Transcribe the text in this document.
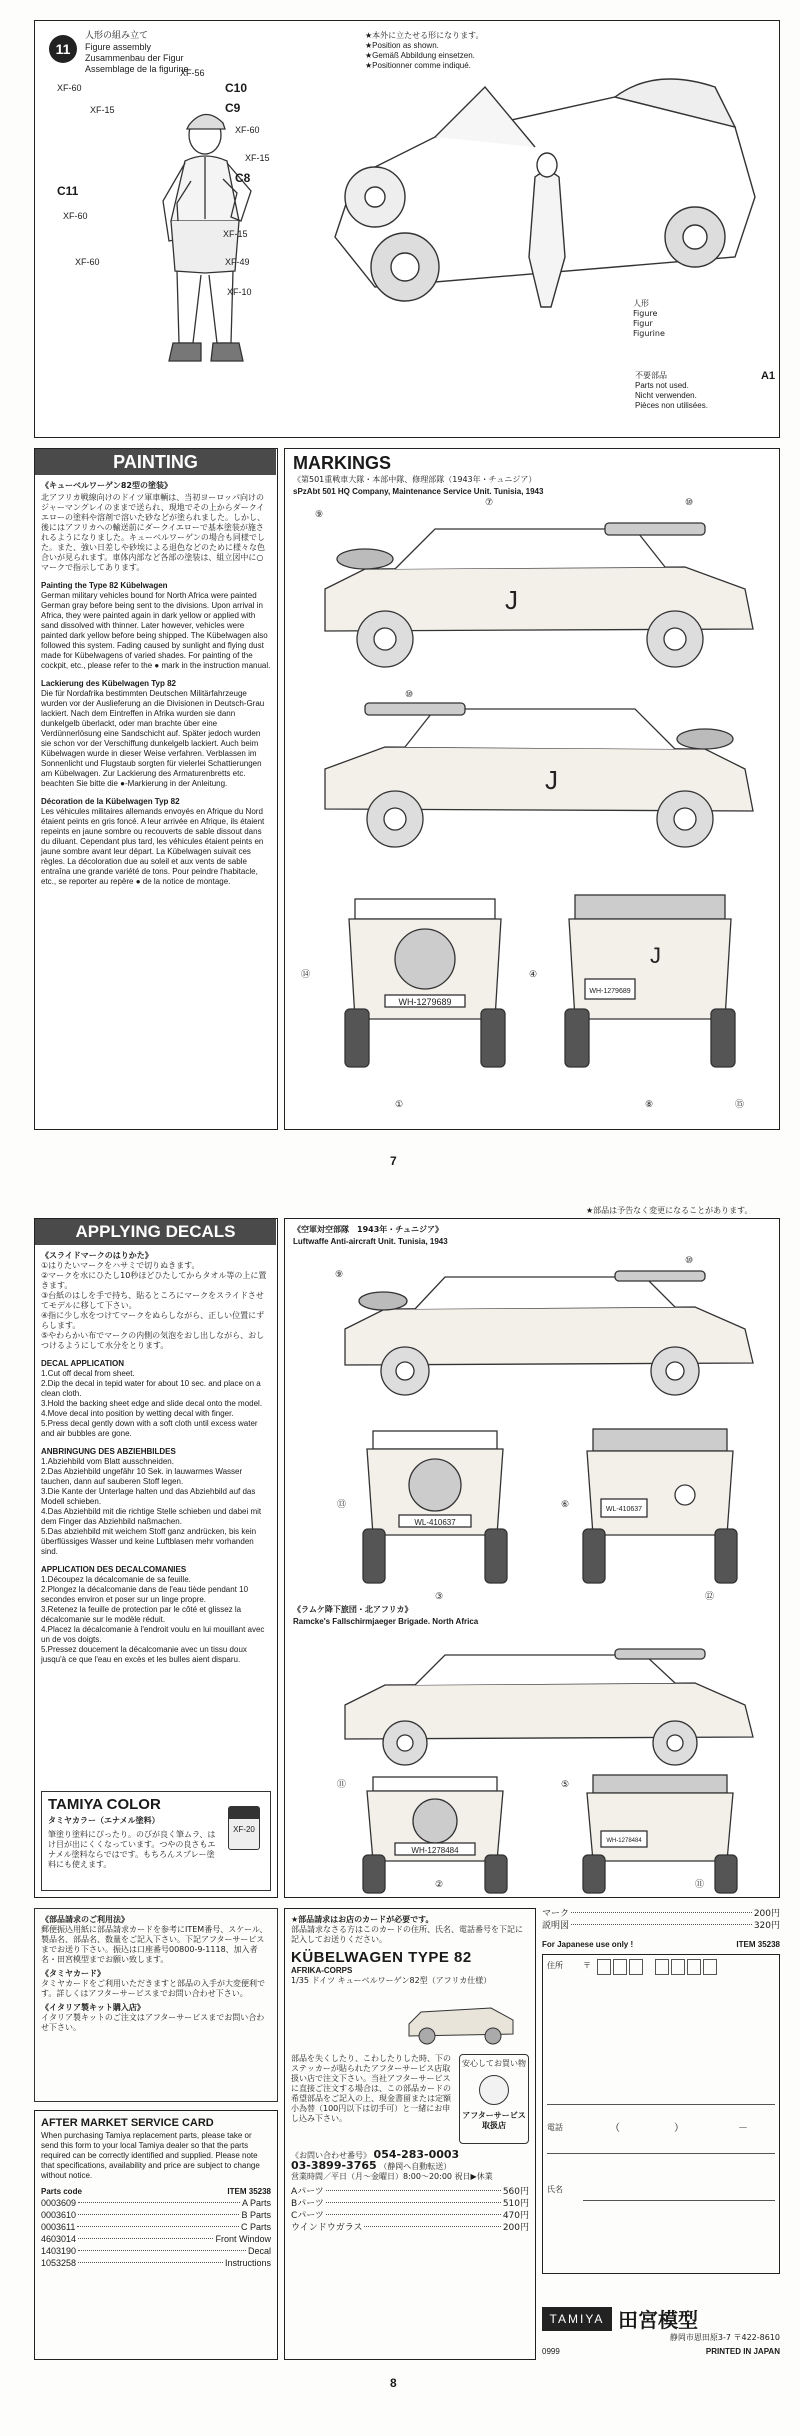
11
人形の組み立て
Figure assembly
Zusammenbau der Figur
Assemblage de la figurine
★本外に立たせる形になります。
★Position as shown.
★Gemäß Abbildung einsetzen.
★Positionner comme indiqué.
XF-56
C10
XF-15	C9
XF-60
XF-60
XF-15
C8
C11
XF-60
XF-15
XF-60	XF-49
XF-10
人形
Figure
Figur
Figurine
不要部品	A1
Parts not used.
Nicht verwenden.
Pièces non utilisées.
PAINTING
《キューベルワーゲン82型の塗装》
北アフリカ戦線向けのドイツ軍車輌は、当初ヨーロッパ向けのジャーマングレイのままで送られ、現地でその上からダークイエローの塗料や溶剤で溶いた砂などが塗られました。しかし、後にはアフリカへの輸送前にダークイエローで基本塗装が施されるようになりました。キューベルワーゲンの場合も同様でした。また、強い日差しや砂埃による退色などのために様々な色合いが見られます。車体内部など各部の塗装は、組立図中に○マークで指示してあります。
Painting the Type 82 Kübelwagen
German military vehicles bound for North Africa were painted German gray before being sent to the divisions. Upon arrival in Africa, they were painted again in dark yellow or applied with sand dissolved with thinner. Later however, vehicles were painted dark yellow before being shipped. The Kübelwagen also followed this system. Fading caused by sunlight and flying dust made for Kübelwagens of varied shades. For painting of the cockpit, etc., please refer to the ● mark in the instruction manual.
Lackierung des Kübelwagen Typ 82
Die für Nordafrika bestimmten Deutschen Militärfahrzeuge wurden vor der Auslieferung an die Divisionen in Deutsch-Grau lackiert. Nach dem Eintreffen in Afrika wurden sie dann dunkelgelb überlackt, oder man brachte über eine Verdünnerlösung eine Sandschicht auf. Später jedoch wurden sie schon vor der Verschiffung dunkelgelb lackiert. Auch beim Kübelwagen wurde in dieser Weise verfahren. Verblassen im Sonnenlicht und Flugstaub sorgten für vielerlei Schattierungen am Kübelwagen. Zur Lackierung des Armaturenbretts etc. beachten Sie bitte die ●-Markierung in der Anleitung.
Décoration de la Kübelwagen Typ 82
Les véhicules militaires allemands envoyés en Afrique du Nord étaient peints en gris foncé. A leur arrivée en Afrique, ils étaient repeints en jaune sombre ou recouverts de sable dissout dans du diluant. Cependant plus tard, les véhicules étaient peints en jaune sombre avant leur départ. La Kübelwagen suivait ces règles. La décoloration due au soleil et aux vents de sable entraîna une grande variété de tons. Pour peindre l'habitacle, etc., se reporter au repère ● de la notice de montage.
MARKINGS
《第501重戦車大隊・本部中隊、修理部隊（1943年・チュニジア）
sPzAbt 501 HQ Company, Maintenance Service Unit. Tunisia, 1943
J
J
WH-1279689
J
WH-1279689
⑨
⑦	⑩
⑩
④
⑭
①	⑧	⑮
7
APPLYING DECALS
《スライドマークのはりかた》
①はりたいマークをハサミで切りぬきます。
②マークを水にひたし10秒ほどひたしてからタオル等の上に置きます。
③台紙のはしを手で持ち、貼るところにマークをスライドさせてモデルに移して下さい。
④指に少し水をつけてマークをぬらしながら、正しい位置にずらします。
⑤やわらかい布でマークの内側の気泡をおし出しながら、おしつけるようにして水分をとります。
DECAL APPLICATION
1.Cut off decal from sheet.
2.Dip the decal in tepid water for about 10 sec. and place on a clean cloth.
3.Hold the backing sheet edge and slide decal onto the model.
4.Move decal into position by wetting decal with finger.
5.Press decal gently down with a soft cloth until excess water and air bubbles are gone.
ANBRINGUNG DES ABZIEHBILDES
1.Abziehbild vom Blatt ausschneiden.
2.Das Abziehbild ungefähr 10 Sek. in lauwarmes Wasser tauchen, dann auf sauberen Stoff legen.
3.Die Kante der Unterlage halten und das Abziehbild auf das Modell schieben.
4.Das Abziehbild mit die richtige Stelle schieben und dabei mit dem Finger das Abziehbild naßmachen.
5.Das abziehbild mit weichem Stoff ganz andrücken, bis kein überflüssiges Wasser und keine Luftblasen mehr vorhanden sind.
APPLICATION DES DECALCOMANIES
1.Découpez la décalcomanie de sa feuille.
2.Plongez la décalcomanie dans de l'eau tiède pendant 10 secondes environ et poser sur un linge propre.
3.Retenez la feuille de protection par le côté et glissez la décalcomanie sur le modèle réduit.
4.Placez la décalcomanie à l'endroit voulu en lui mouillant avec un de vos doigts.
5.Pressez doucement la décalcomanie avec un tissu doux jusqu'à ce que l'eau en excès et les bulles aient disparu.
TAMIYA COLOR
タミヤカラー（エナメル塗料）
筆塗り塗料にぴったり。のびが良く筆ムラ、はけ目が出にくくなっています。つやの良さもエナメル塗料ならではです。もちろんスプレー塗料にも使えます。
XF-20
《空軍対空部隊　1943年・チュニジア》
Luftwaffe Anti-aircraft Unit. Tunisia, 1943
WL-410637
WL-410637
《ラムケ降下旅団・北アフリカ》
Ramcke's Fallschirmjaeger Brigade. North Africa
WH-1278484
WH-1278484
⑨
⑩
⑬
③
⑥
⑫
⑪
②
⑤
⑪
《部品請求のご利用法》
郵便振込用紙に部品請求カードを参考にITEM番号、スケール、製品名、部品名、数量をご記入下さい。下記アフターサービスまでお送り下さい。振込は口座番号00800-9-1118、加入者名・田宮模型までお願い致します。
《タミヤカード》
タミヤカードをご利用いただきますと部品の入手が大変便利です。詳しくはアフターサービスまでお問い合わせ下さい。
《イタリア製キット購入店》
イタリア製キットのご注文はアフターサービスまでお問い合わせ下さい。
AFTER MARKET SERVICE CARD
When purchasing Tamiya replacement parts, please take or send this form to your local Tamiya dealer so that the parts required can be correctly identified and supplied. Please note that specifications, availability and price are subject to change without notice.
Parts code	ITEM 35238
0003609	A Parts
0003610	B Parts
0003611	C Parts
4603014	Front Window
1403190	Decal
1053258	Instructions
★部品請求はお店のカードが必要です。
部品請求なさる方はこのカードの住所、氏名、電話番号を下記に記入してお送りください。
KÜBELWAGEN TYPE 82
AFRIKA-CORPS
1/35 ドイツ キューベルワーゲン82型（アフリカ仕様）
部品を失くしたり、こわしたりした時、下のステッカーが貼られたアフターサービス店取扱い店で注文下さい。当社アフターサービスに直接ご注文する場合は、この部品カードの希望部品をご記入の上、現金書留または定額小為替（100円以下は切手可）と一緒にお申し込み下さい。
安心してお買い物
アフターサービス取扱店
《お問い合わせ番号》 054-283-0003
03-3899-3765 （静岡へ自動転送）
営業時間／平日（月～金曜日）8:00～20:00 祝日▶休業
Aパーツ	560円
Bパーツ	510円
Cパーツ	470円
ウインドウガラス	200円
マーク	200円
説明図	320円
For Japanese use only !	ITEM 35238
住所	〒
電話	（	）	－
氏名
TAMIYA 田宮模型
静岡市恩田原3-7 〒422-8610
0999	PRINTED IN JAPAN
★部品は予告なく変更になることがあります。
8
